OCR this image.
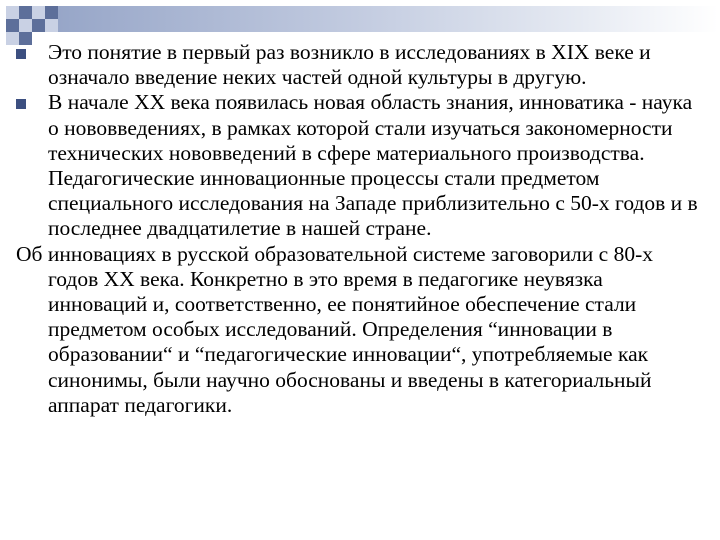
Это понятие в первый раз возникло в исследованиях в XIX веке и означало введение неких частей одной культуры в другую.

В начале XX века появилась новая область знания, инноватика - наука о нововведениях, в рамках которой стали изучаться закономерности технических нововведений в сфере материального производства. Педагогические инновационные процессы стали предметом специального исследования на Западе приблизительно с 50-х годов и в последнее двадцатилетие в нашей стране.

Об инновациях в русской образовательной системе заговорили с 80-х годов XX века. Конкретно в это время в педагогике неувязка инноваций и, соответственно, ее понятийное обеспечение стали предметом особых исследований. Определения “инновации в образовании“ и “педагогические инновации“, употребляемые как синонимы, были научно обоснованы и введены в категориальный аппарат педагогики.
